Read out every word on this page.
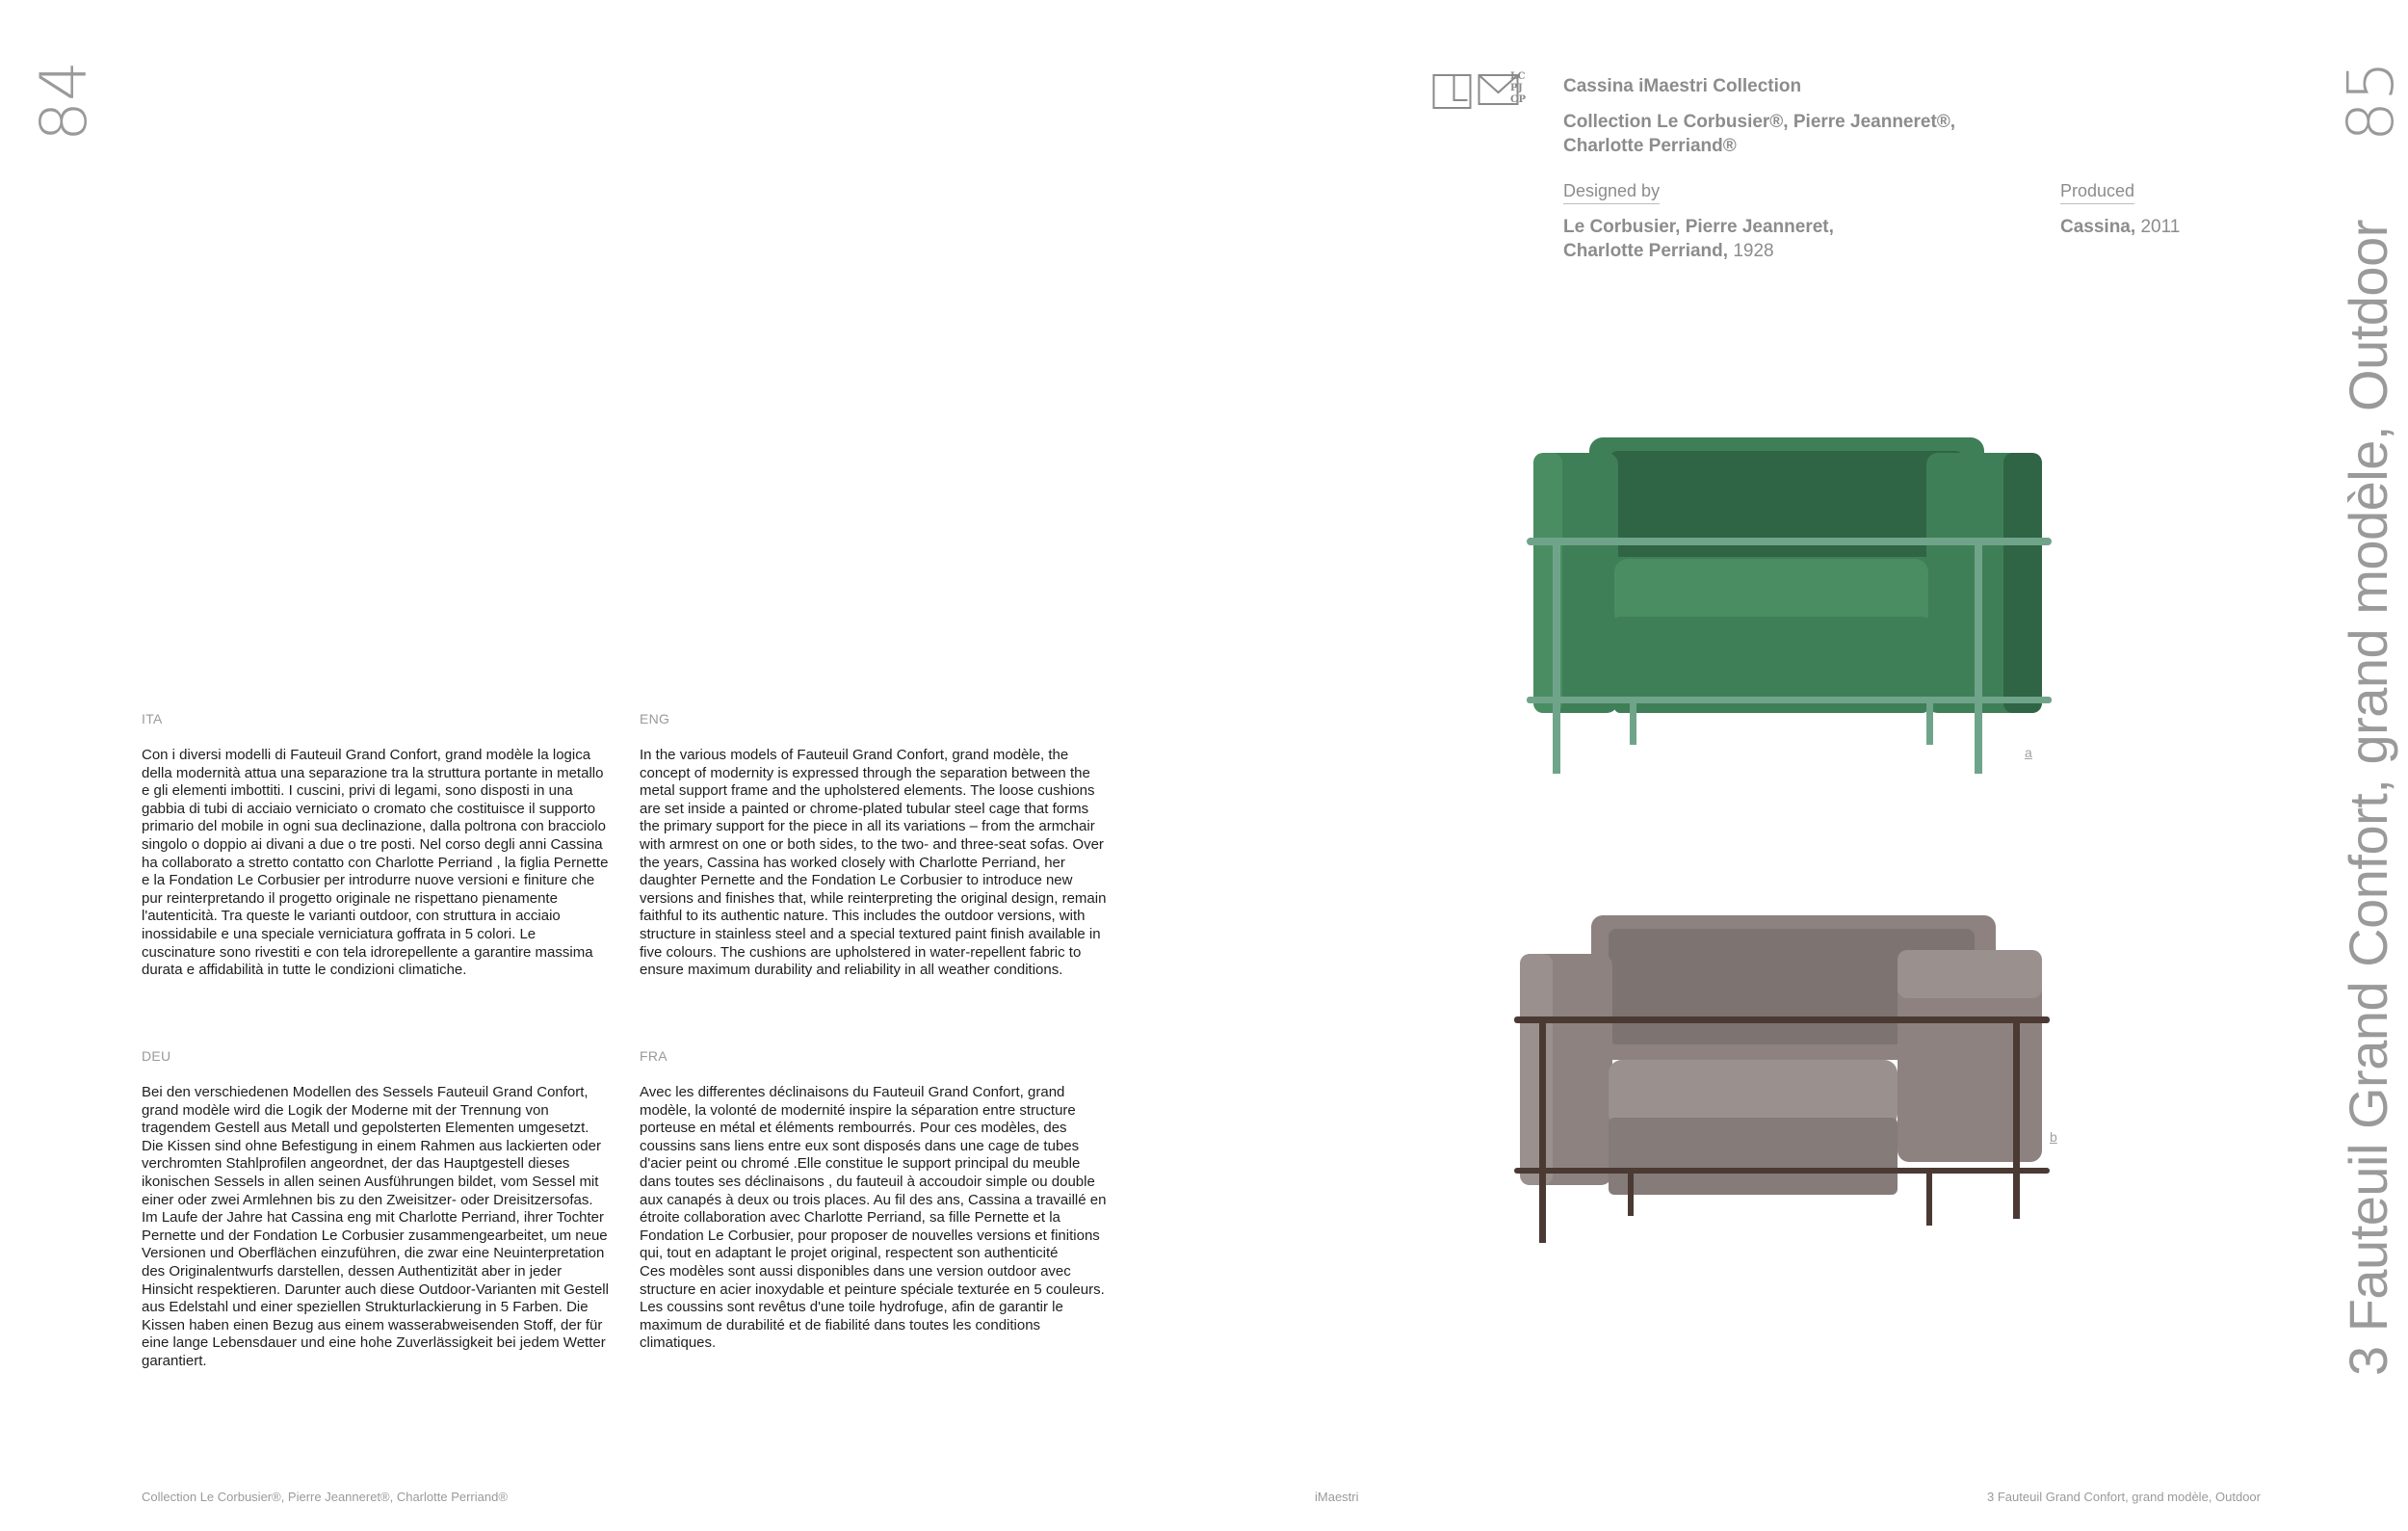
84	85
ITA
Con i diversi modelli di Fauteuil Grand Confort, grand modèle la logica della modernità attua una separazione tra la struttura portante in metallo e gli elementi imbottiti. I cuscini, privi di legami, sono disposti in una gabbia di tubi di acciaio verniciato o cromato che costituisce il supporto primario del mobile in ogni sua declinazione, dalla poltrona con bracciolo singolo o doppio ai divani a due o tre posti. Nel corso degli anni Cassina ha collaborato a stretto contatto con Charlotte Perriand , la figlia Pernette e la Fondation Le Corbusier per introdurre nuove versioni e finiture che pur reinterpretando il progetto originale ne rispettano pienamente l'autenticità. Tra queste le varianti outdoor, con struttura in acciaio inossidabile e una speciale verniciatura goffrata in 5 colori. Le cuscinature sono rivestiti e con tela idrorepellente a garantire massima durata e affidabilità in tutte le condizioni climatiche.
ENG
In the various models of Fauteuil Grand Confort, grand modèle, the concept of modernity is expressed through the separation between the metal support frame and the upholstered elements. The loose cushions are set inside a painted or chrome-plated tubular steel cage that forms the primary support for the piece in all its variations – from the armchair with armrest on one or both sides, to the two- and three-seat sofas. Over the years, Cassina has worked closely with Charlotte Perriand, her daughter Pernette and the Fondation Le Corbusier to introduce new versions and finishes that, while reinterpreting the original design, remain faithful to its authentic nature. This includes the outdoor versions, with structure in stainless steel and a special textured paint finish available in five colours. The cushions are upholstered in water-repellent fabric to ensure maximum durability and reliability in all weather conditions.
DEU
Bei den verschiedenen Modellen des Sessels Fauteuil Grand Confort, grand modèle wird die Logik der Moderne mit der Trennung von tragendem Gestell aus Metall und gepolsterten Elementen umgesetzt. Die Kissen sind ohne Befestigung in einem Rahmen aus lackierten oder verchromten Stahlprofilen angeordnet, der das Hauptgestell dieses ikonischen Sessels in allen seinen Ausführungen bildet, vom Sessel mit einer oder zwei Armlehnen bis zu den Zweisitzer- oder Dreisitzersofas. Im Laufe der Jahre hat Cassina eng mit Charlotte Perriand, ihrer Tochter Pernette und der Fondation Le Corbusier zusammengearbeitet, um neue Versionen und Oberflächen einzuführen, die zwar eine Neuinterpretation des Originalentwurfs darstellen, dessen Authentizität aber in jeder Hinsicht respektieren. Darunter auch diese Outdoor-Varianten mit Gestell aus Edelstahl und einer speziellen Strukturlackierung in 5 Farben. Die Kissen haben einen Bezug aus einem wasserabweisenden Stoff, der für eine lange Lebensdauer und eine hohe Zuverlässigkeit bei jedem Wetter garantiert.
FRA
Avec les differentes déclinaisons du Fauteuil Grand Confort, grand modèle, la volonté de modernité inspire la séparation entre structure porteuse en métal et éléments rembourrés. Pour ces modèles, des coussins sans liens entre eux sont disposés dans une cage de tubes d'acier peint ou chromé .Elle constitue le support principal du meuble dans toutes ses déclinaisons , du fauteuil à accoudoir simple ou double aux canapés à deux ou trois places. Au fil des ans, Cassina a travaillé en étroite collaboration avec Charlotte Perriand, sa fille Pernette et la Fondation Le Corbusier, pour proposer de nouvelles versions et finitions qui, tout en adaptant le projet original, respectent son authenticité
Ces modèles sont aussi disponibles dans une version outdoor avec structure en acier inoxydable et peinture spéciale texturée en 5 couleurs. Les coussins sont revêtus d'une toile hydrofuge, afin de garantir le maximum de durabilité et de fiabilité dans toutes les conditions climatiques.
LC
PJ
CP
Cassina iMaestri Collection
Collection Le Corbusier®, Pierre Jeanneret®,
Charlotte Perriand®
Designed by
Le Corbusier, Pierre Jeanneret,
Charlotte Perriand, 1928
Produced
Cassina, 2011	3 Fauteuil Grand Confort, grand modèle, Outdoor
a
b
Collection Le Corbusier®, Pierre Jeanneret®, Charlotte Perriand®	iMaestri	3 Fauteuil Grand Confort, grand modèle, Outdoor
